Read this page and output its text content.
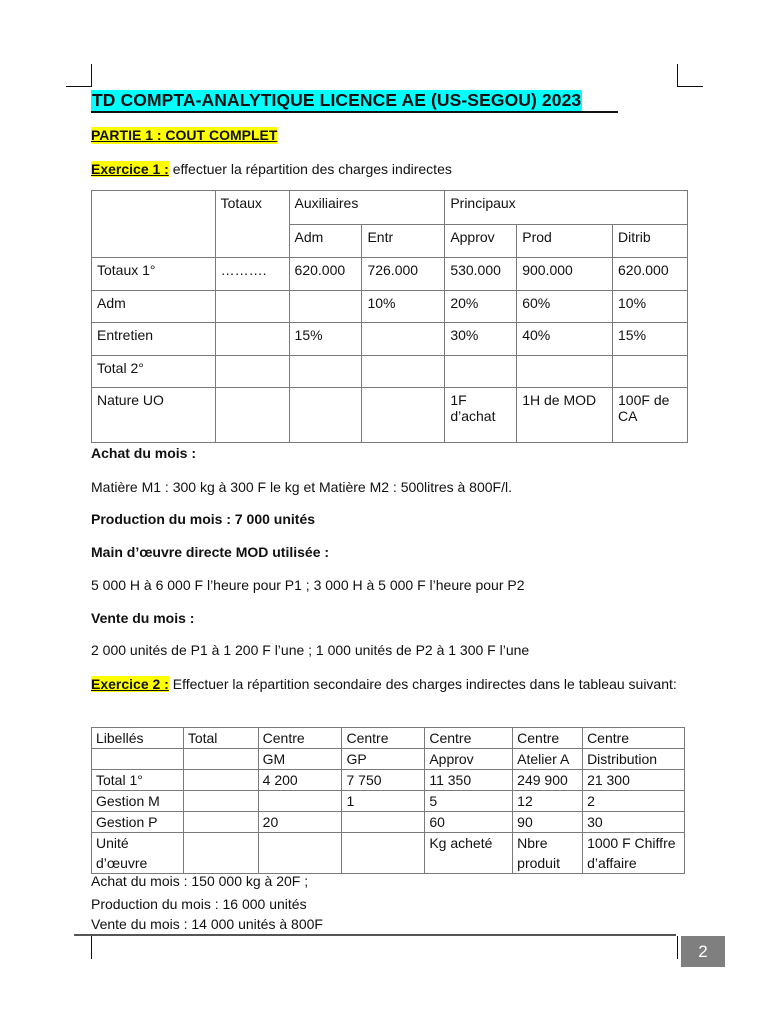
TD COMPTA-ANALYTIQUE LICENCE AE (US-SEGOU) 2023
PARTIE 1 : COUT COMPLET
Exercice 1 : effectuer la répartition des charges indirectes
	Totaux	Auxiliaires		Principaux		
		Adm	Entr	Approv	Prod	Ditrib
Totaux 1°	……….	620.000	726.000	530.000	900.000	620.000
Adm			10%	20%	60%	10%
Entretien		15%		30%	40%	15%
Total 2°						
Nature UO				1F d’achat	1H de MOD	100F de CA
Achat du mois :
Matière M1 : 300 kg à 300 F le kg et Matière M2 : 500litres à 800F/l.
Production du mois : 7 000 unités
Main d’œuvre directe MOD utilisée :
5 000 H à 6 000 F l’heure pour P1 ; 3 000 H à 5 000 F l’heure pour P2
Vente du mois :
2 000 unités de P1 à 1 200 F l’une ; 1 000 unités de P2 à 1 300 F l’une
Exercice 2 : Effectuer la répartition secondaire des charges indirectes dans le tableau suivant:
Libellés	Total	Centre	Centre	Centre	Centre	Centre
		GM	GP	Approv	Atelier A	Distribution
Total 1°		4 200	7 750	11 350	249 900	21 300
Gestion M			1	5	12	2
Gestion P		20		60	90	30
Unité d’œuvre				Kg acheté	Nbre produit	1000 F Chiffre d’affaire
Achat du mois : 150 000 kg à 20F ;
Production du mois : 16 000 unités
Vente du mois : 14 000 unités à 800F
2
